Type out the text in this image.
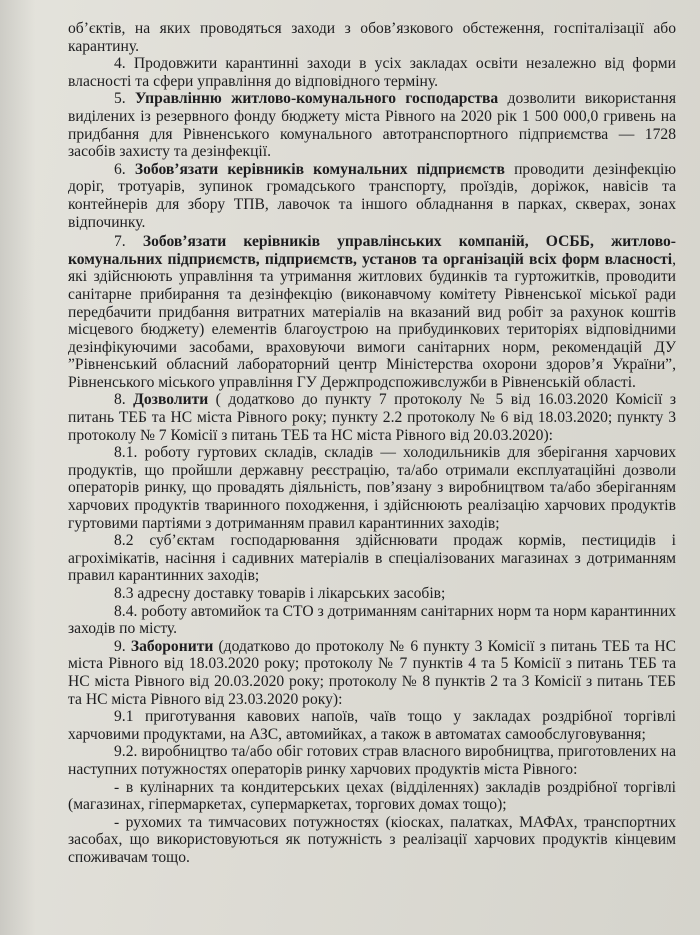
об’єктів, на яких проводяться заходи з обов’язкового обстеження, госпіталізації або карантину.

4. Продовжити карантинні заходи в усіх закладах освіти незалежно від форми власності та сфери управління до відповідного терміну.

5. Управлінню житлово-комунального господарства дозволити використання виділених із резервного фонду бюджету міста Рівного на 2020 рік 1 500 000,0 гривень на придбання для Рівненського комунального автотранспортного підприємства — 1728 засобів захисту та дезінфекції.

6. Зобов’язати керівників комунальних підприємств проводити дезінфекцію доріг, тротуарів, зупинок громадського транспорту, проїздів, доріжок, навісів та контейнерів для збору ТПВ, лавочок та іншого обладнання в парках, скверах, зонах відпочинку.

7. Зобов’язати керівників управлінських компаній, ОСББ, житлово-комунальних підприємств, підприємств, установ та організацій всіх форм власності, які здійснюють управління та утримання житлових будинків та гуртожитків, проводити санітарне прибирання та дезінфекцію (виконавчому комітету Рівненської міської ради передбачити придбання витратних матеріалів на вказаний вид робіт за рахунок коштів місцевого бюджету) елементів благоустрою на прибудинкових територіях відповідними дезінфікуючими засобами, враховуючи вимоги санітарних норм, рекомендацій ДУ ”Рівненський обласний лабораторний центр Міністерства охорони здоров’я України”, Рівненського міського управління ГУ Держпродспоживслужби в Рівненській області.

8. Дозволити ( додатково до пункту 7 протоколу № 5 від 16.03.2020 Комісії з питань ТЕБ та НС міста Рівного року; пункту 2.2 протоколу № 6 від 18.03.2020; пункту 3 протоколу № 7 Комісії з питань ТЕБ та НС міста Рівного від 20.03.2020):

8.1. роботу гуртових складів, складів — холодильників для зберігання харчових продуктів, що пройшли державну реєстрацію, та/або отримали експлуатаційні дозволи операторів ринку, що провадять діяльність, пов’язану з виробництвом та/або зберіганням харчових продуктів тваринного походження, і здійснюють реалізацію харчових продуктів гуртовими партіями з дотриманням правил карантинних заходів;

8.2 суб’єктам господарювання здійснювати продаж кормів, пестицидів і агрохімікатів, насіння і садивних матеріалів в спеціалізованих магазинах з дотриманням правил карантинних заходів;

8.3 адресну доставку товарів і лікарських засобів;

8.4. роботу автомийок та СТО з дотриманням санітарних норм та норм карантинних заходів по місту.

9. Заборонити (додатково до протоколу № 6 пункту 3 Комісії з питань ТЕБ та НС міста Рівного від 18.03.2020 року; протоколу № 7 пунктів 4 та 5 Комісії з питань ТЕБ та НС міста Рівного від 20.03.2020 року; протоколу № 8 пунктів 2 та 3 Комісії з питань ТЕБ та НС міста Рівного від 23.03.2020 року):

9.1 приготування кавових напоїв, чаїв тощо у закладах роздрібної торгівлі харчовими продуктами, на АЗС, автомийках, а також в автоматах самообслуговування;

9.2. виробництво та/або обіг готових страв власного виробництва, приготовлених на наступних потужностях операторів ринку харчових продуктів міста Рівного:

- в кулінарних та кондитерських цехах (відділеннях) закладів роздрібної торгівлі (магазинах, гіпермаркетах, супермаркетах, торгових домах тощо);

- рухомих та тимчасових потужностях (кіосках, палатках, МАФАх, транспортних засобах, що використовуються як потужність з реалізації харчових продуктів кінцевим споживачам тощо.
